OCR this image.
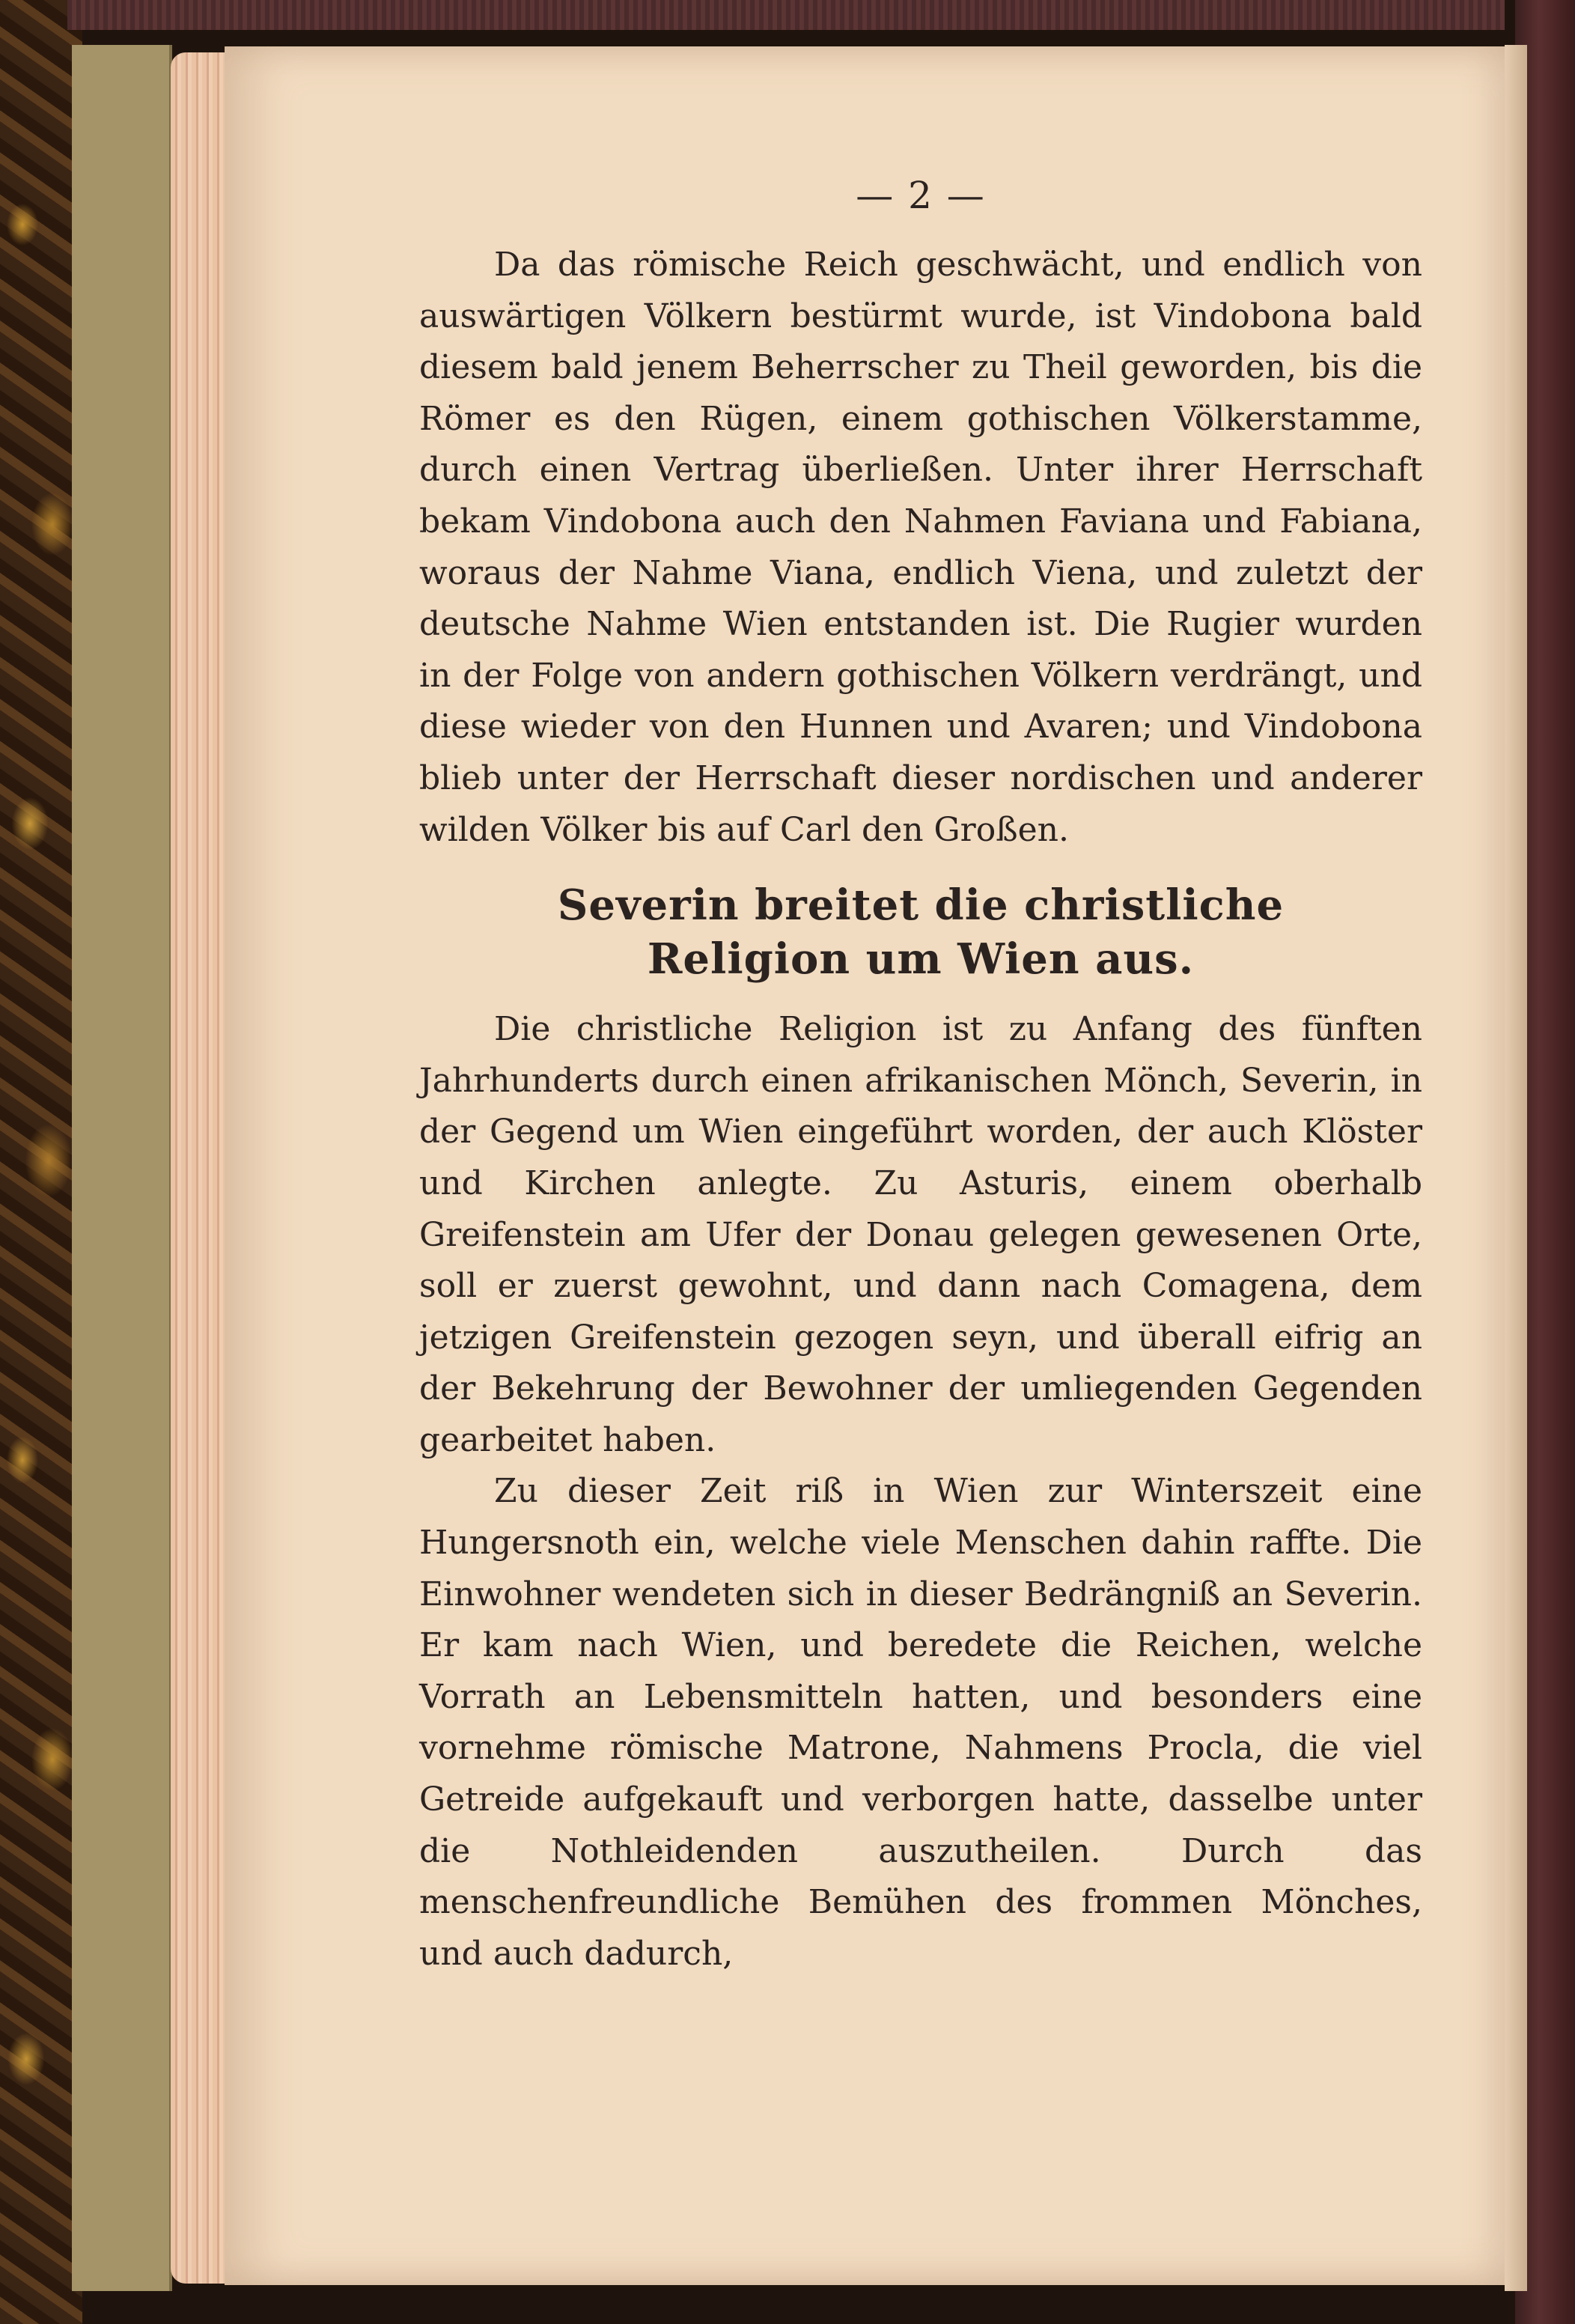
— 2 —

Da das römische Reich geschwächt, und endlich von auswärtigen Völkern bestürmt wurde, ist Vindobona bald diesem bald jenem Beherrscher zu Theil geworden, bis die Römer es den Rügen, einem gothischen Völkerstamme, durch einen Vertrag überließen. Unter ihrer Herrschaft bekam Vindobona auch den Nahmen Faviana und Fabiana, woraus der Nahme Viana, endlich Viena, und zuletzt der deutsche Nahme Wien entstanden ist. Die Rugier wurden in der Folge von andern gothischen Völkern verdrängt, und diese wieder von den Hunnen und Avaren; und Vindobona blieb unter der Herrschaft dieser nordischen und anderer wilden Völker bis auf Carl den Großen.

Severin breitet die christliche Religion um Wien aus.

Die christliche Religion ist zu Anfang des fünften Jahrhunderts durch einen afrikanischen Mönch, Severin, in der Gegend um Wien eingeführt worden, der auch Klöster und Kirchen anlegte. Zu Asturis, einem oberhalb Greifenstein am Ufer der Donau gelegen gewesenen Orte, soll er zuerst gewohnt, und dann nach Comagena, dem jetzigen Greifenstein gezogen seyn, und überall eifrig an der Bekehrung der Bewohner der umliegenden Gegenden gearbeitet haben.

Zu dieser Zeit riß in Wien zur Winterszeit eine Hungersnoth ein, welche viele Menschen dahin raffte. Die Einwohner wendeten sich in dieser Bedrängniß an Severin. Er kam nach Wien, und beredete die Reichen, welche Vorrath an Lebensmitteln hatten, und besonders eine vornehme römische Matrone, Nahmens Procla, die viel Getreide aufgekauft und verborgen hatte, dasselbe unter die Nothleidenden auszutheilen. Durch das menschenfreundliche Bemühen des frommen Mönches, und auch dadurch,
